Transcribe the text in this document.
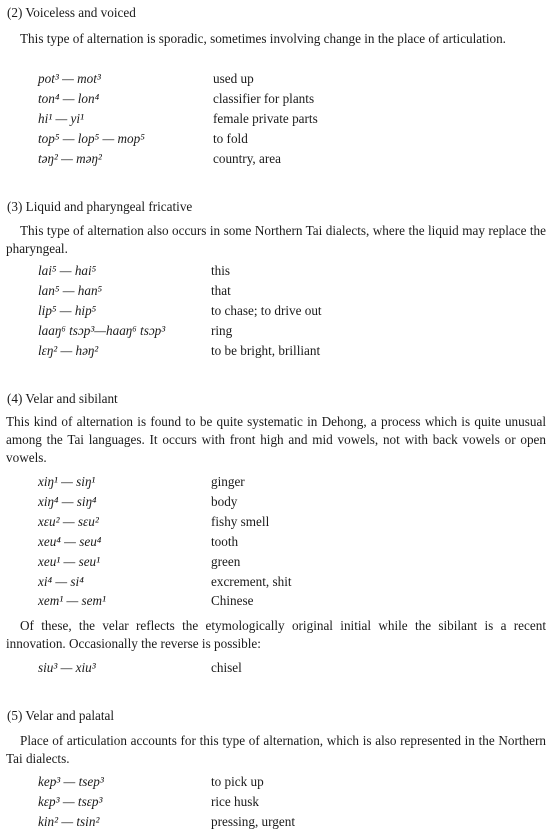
(2) Voiceless and voiced
This type of alternation is sporadic, sometimes involving change in the place of articulation.
pot³ — mot³	used up
ton⁴ — lon⁴	classifier for plants
hi¹ — yi¹	female private parts
top⁵ — lop⁵ — mop⁵	to fold
təŋ² — məŋ²	country, area
(3) Liquid and pharyngeal fricative
This type of alternation also occurs in some Northern Tai dialects, where the liquid may replace the pharyngeal.
lai⁵ — hai⁵	this
lan⁵ — han⁵	that
lip⁵ — hip⁵	to chase; to drive out
laaŋ⁶ tsɔp³—haaŋ⁶ tsɔp³	ring
lɛŋ² — həŋ²	to be bright, brilliant
(4) Velar and sibilant
This kind of alternation is found to be quite systematic in Dehong, a process which is quite unusual among the Tai languages. It occurs with front high and mid vowels, not with back vowels or open vowels.
xiŋ¹ — siŋ¹	ginger
xiŋ⁴ — siŋ⁴	body
xɛu² — sɛu²	fishy smell
xeu⁴ — seu⁴	tooth
xeu¹ — seu¹	green
xi⁴ — si⁴	excrement, shit
xem¹ — sem¹	Chinese
Of these, the velar reflects the etymologically original initial while the sibilant is a recent innovation. Occasionally the reverse is possible:
siu³ — xiu³	chisel
(5) Velar and palatal
Place of articulation accounts for this type of alternation, which is also represented in the Northern Tai dialects.
kep³ — tsep³	to pick up
kɛp³ — tsɛp³	rice husk
kin² — tsin²	pressing, urgent
